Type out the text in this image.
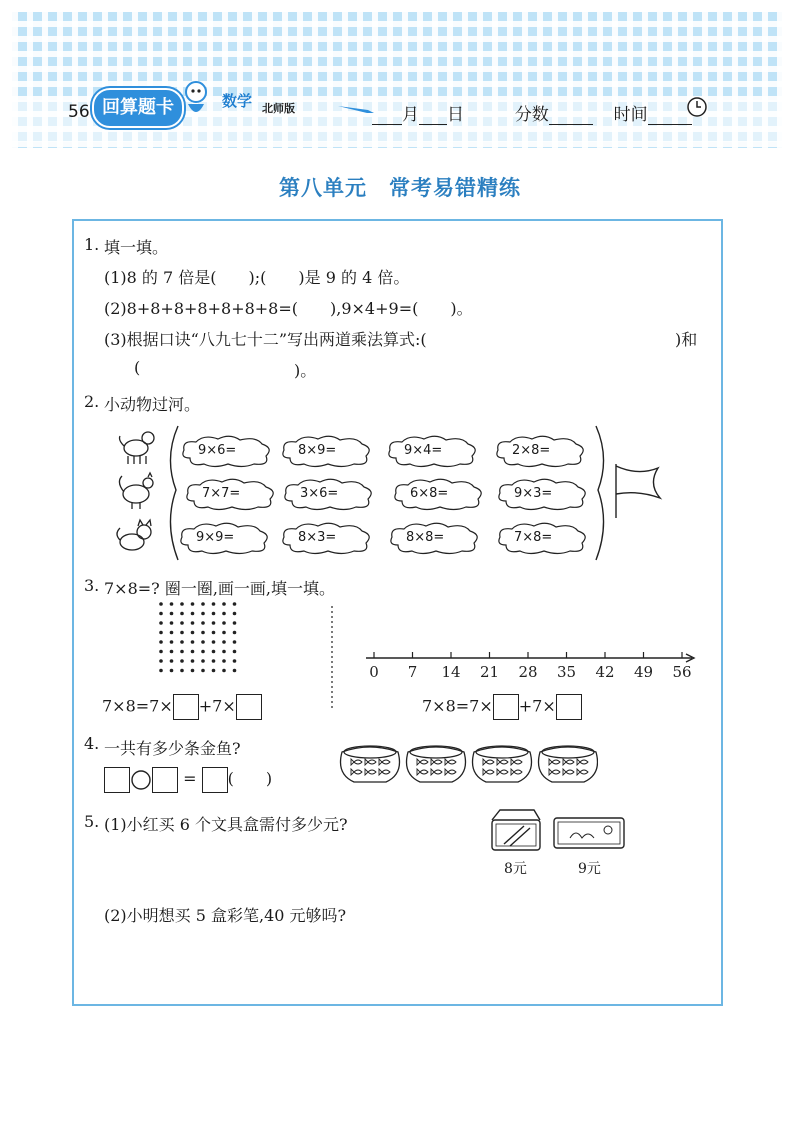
56 回算题卡	数学 北师版	月 日	分数	时间
第八单元　常考易错精练
1. 填一填。
(1)8 的 7 倍是(　　);(　　)是 9 的 4 倍。
(2)8+8+8+8+8+8+8=(　　),9×4+9=(　　)。
(3)根据口诀“八九七十二”写出两道乘法算式:(	)和
(	)。
2. 小动物过河。
9×6=	8×9=	9×4=	2×8=
7×7=	3×6=	6×8=	9×3=
9×9=	8×3=	8×8=	7×8=
3. 7×8=? 圈一圈,画一画,填一填。
0 7 14 21 28 35 42 49 56
7×8=7× +7×	7×8=7× +7×
4. 一共有多少条金鱼?
= (　　)
5. (1)小红买 6 个文具盒需付多少元?
8元	9元
(2)小明想买 5 盒彩笔,40 元够吗?
